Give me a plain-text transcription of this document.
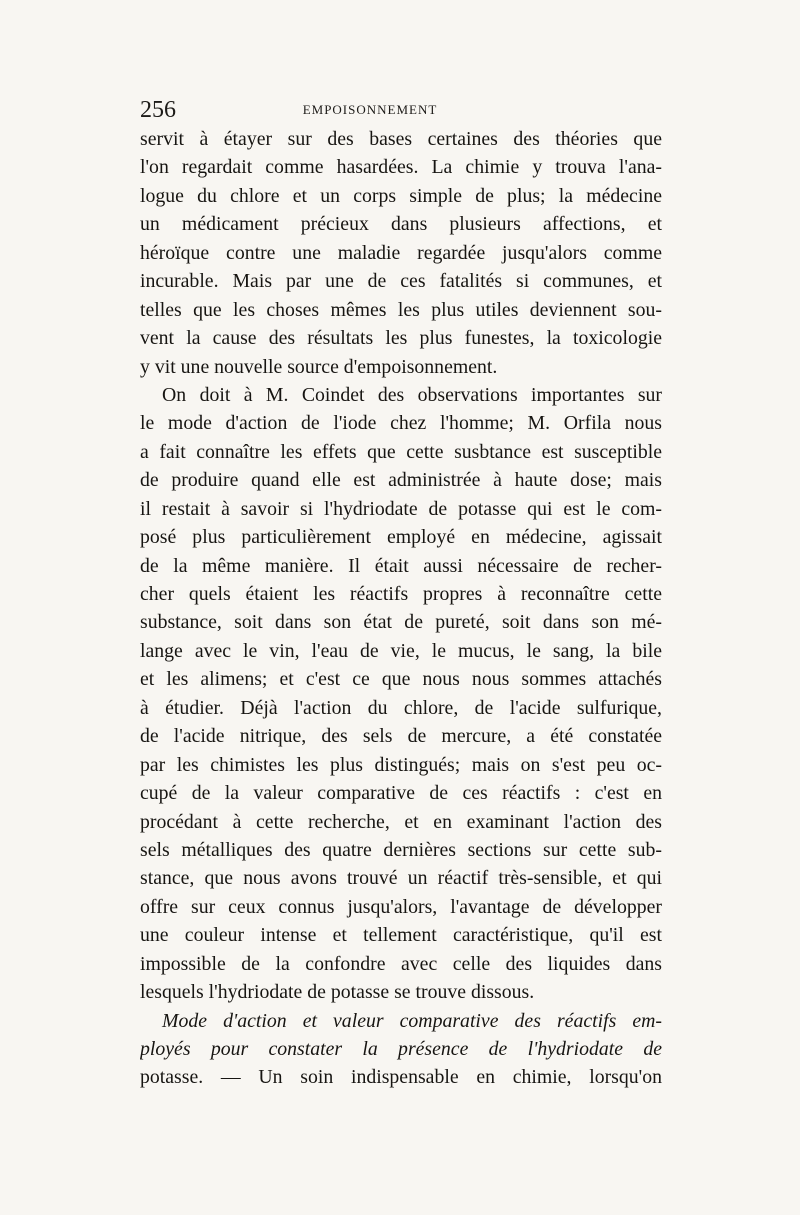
256	EMPOISONNEMENT
servit à étayer sur des bases certaines des théories que
l'on regardait comme hasardées. La chimie y trouva l'ana-
logue du chlore et un corps simple de plus; la médecine
un médicament précieux dans plusieurs affections, et
héroïque contre une maladie regardée jusqu'alors comme
incurable. Mais par une de ces fatalités si communes, et
telles que les choses mêmes les plus utiles deviennent sou-
vent la cause des résultats les plus funestes, la toxicologie
y vit une nouvelle source d'empoisonnement.
On doit à M. Coindet des observations importantes sur
le mode d'action de l'iode chez l'homme; M. Orfila nous
a fait connaître les effets que cette susbtance est susceptible
de produire quand elle est administrée à haute dose; mais
il restait à savoir si l'hydriodate de potasse qui est le com-
posé plus particulièrement employé en médecine, agissait
de la même manière. Il était aussi nécessaire de recher-
cher quels étaient les réactifs propres à reconnaître cette
substance, soit dans son état de pureté, soit dans son mé-
lange avec le vin, l'eau de vie, le mucus, le sang, la bile
et les alimens; et c'est ce que nous nous sommes attachés
à étudier. Déjà l'action du chlore, de l'acide sulfurique,
de l'acide nitrique, des sels de mercure, a été constatée
par les chimistes les plus distingués; mais on s'est peu oc-
cupé de la valeur comparative de ces réactifs : c'est en
procédant à cette recherche, et en examinant l'action des
sels métalliques des quatre dernières sections sur cette sub-
stance, que nous avons trouvé un réactif très-sensible, et qui
offre sur ceux connus jusqu'alors, l'avantage de développer
une couleur intense et tellement caractéristique, qu'il est
impossible de la confondre avec celle des liquides dans
lesquels l'hydriodate de potasse se trouve dissous.
Mode d'action et valeur comparative des réactifs em-
ployés pour constater la présence de l'hydriodate de
potasse. — Un soin indispensable en chimie, lorsqu'on
